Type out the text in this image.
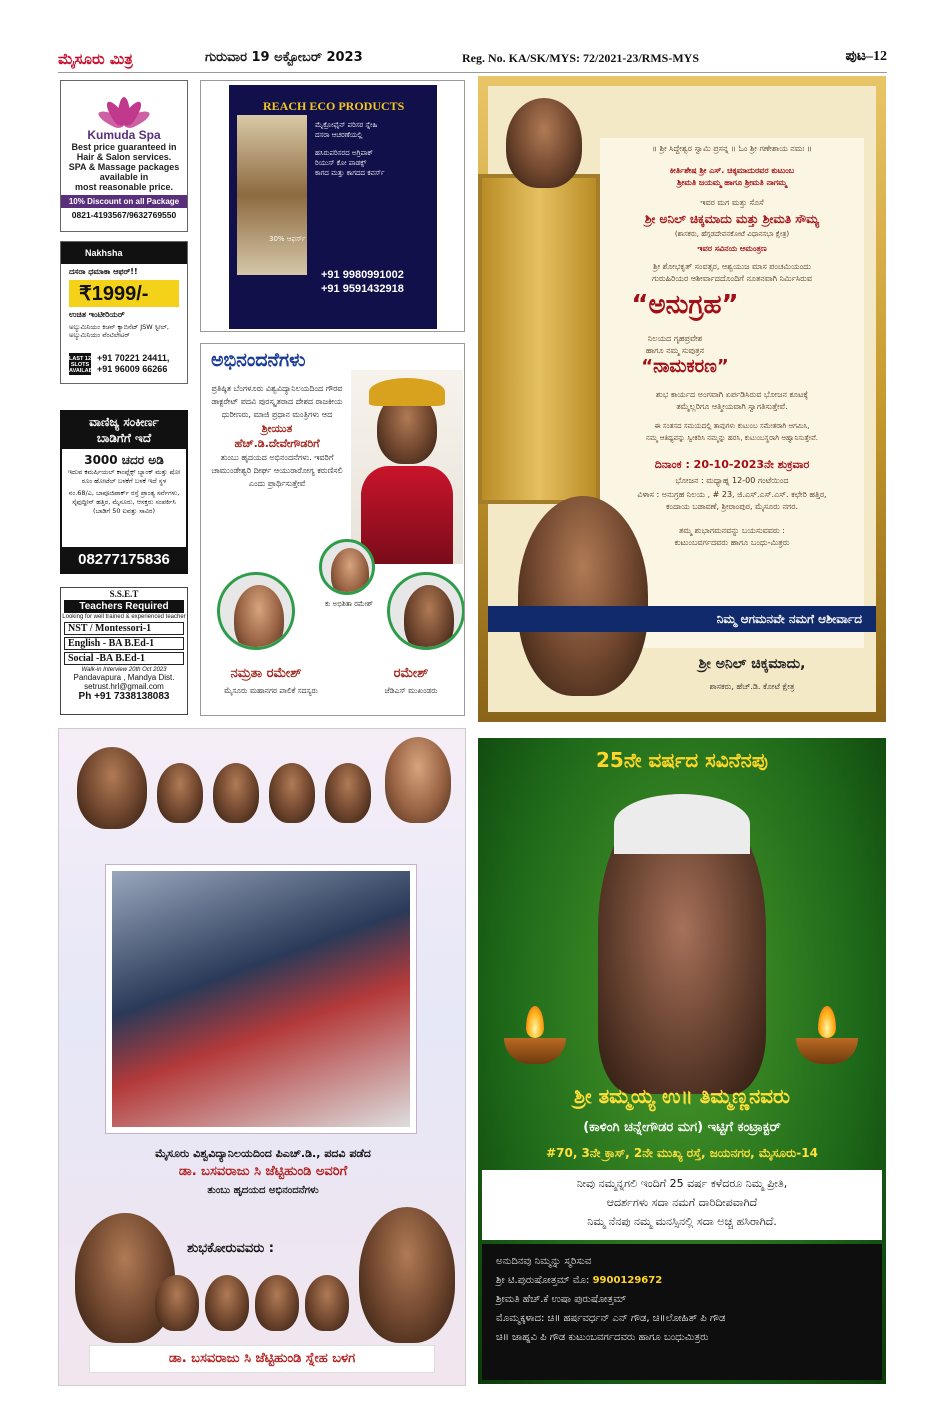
ಮೈಸೂರು ಮಿತ್ರ	ಗುರುವಾರ 19 ಅಕ್ಟೋಬರ್ 2023	Reg. No. KA/SK/MYS: 72/2021-23/RMS-MYS	ಪುಟ–12
Kumuda Spa
Best price guaranteed in
Hair & Salon services.
SPA & Massage packages
available in
most reasonable price.
10% Discount on all Package
0821-4193567/9632769550
REACH ECO PRODUCTS
ಮೈಕ್ರೋಫೈನ್ ಪರಿಸರ ಸ್ನೇಹಿ
ದಸರಾ ಆಚರಣೆಯಲ್ಲಿ
ಹಸಿರುಪರಿಸರದ ಅಗ್ರಿಪಾಕ್
ರಿಯುಸ್ ಕೋ ಪಾಡಕ್ಸ್
ಕಾಗದ ಮತ್ತು ಕಾಗದದ ಕವರ್ಸ್
30% ಆಫರ್ಸ್
+91 9980991002
+91 9591432918
Nakhsha
ದಸರಾ ಧಮಾಕಾ ಆಫರ್!!
₹1999/-
ಉಚಿತ ಇಂಟೀರಿಯರ್
ಅಲ್ಯುಮಿನಿಯಂ ಕಿಚನ್ ಕ್ಯಾಬಿನೆಟ್ JSW ಸ್ಟೀಲ್, ಅಲ್ಯುಮಿನಿಯಂ ವೆಂಟಿಲೇಟರ್
LAST 12 SLOTS AVAILABLE
+91 70221 24411,
+91 96009 66266
ವಾಣಿಜ್ಯ ಸಂಕೀರ್ಣ
ಬಾಡಿಗೆಗೆ ಇದೆ
3000 ಚದರ ಅಡಿ
ಇದುವ ಕಮರ್ಷಿಯಲ್ ಕಾಂಪ್ಲೆಕ್ಸ್ ಬ್ಯಾಂಕ್ ಮತ್ತು ಷೋ ರೂಂ ಹೋಟೆಲ್ ಬಳಕೆಗೆ ಬಳಕೆ ಇದೆ ಸ್ಥಳ
ನಂ.68/ಎ, ಬಾಪೂಜಿಪಾರ್ಕ್ ರಸ್ತೆ ಪ್ರಾಂತ್ಯ ಸರ್ವೆಗಳು, ಸೈಫುದ್ದೀನ್ ಹತ್ತಿರ, ಮೈಸೂರು, ಆಸಕ್ತರು ಸಂಪರ್ಕಿಸಿ (ಬಾಡಿಗೆ 50 ಐವತ್ತು ಸಾವಿರ)
08277175836
S.S.E.T
Teachers Required
Looking for well trained & experienced teacher
NST / Montessori-1
English - BA B.Ed-1
Social -BA B.Ed-1
Walk-in Interview 20th Oct 2023
Pandavapura , Mandya Dist.
setrust.hrl@gmail.com
Ph +91 7338138083
ಅಭಿನಂದನೆಗಳು
ಪ್ರತಿಷ್ಠಿತ ಬೆಂಗಳೂರು ವಿಶ್ವವಿದ್ಯಾನಿಲಯದಿಂದ ಗೌರವ ಡಾಕ್ಟರೇಟ್ ಪದವಿ ಪುರಸ್ಕೃತರಾದ ದೇಶದ ರಾಜಕೀಯ ಧುರೀಣರು, ಮಾಜಿ ಪ್ರಧಾನ ಮಂತ್ರಿಗಳು ಆದ
ಶ್ರೀಯುತ
ಹೆಚ್.ಡಿ.ದೇವೇಗೌಡರಿಗೆ
ತುಂಬು ಹೃದಯದ ಅಭಿನಂದನೆಗಳು. ಇವರಿಗೆ ಚಾಮುಂಡೇಶ್ವರಿ ದೀರ್ಘ ಆಯುರಾರೋಗ್ಯ ಕರುಣಿಸಲಿ ಎಂದು ಪ್ರಾರ್ಥಿಸುತ್ತೇವೆ
ಕು ಅಭಿಶಿತಾ ರಮೇಶ್
ನಮ್ರತಾ ರಮೇಶ್
ಮೈಸೂರು ಮಹಾನಗರ ಪಾಲಿಕೆ ಸದಸ್ಯರು
ರಮೇಶ್
ಜೆಡಿಎಸ್ ಮುಖಂಡರು
॥ ಶ್ರೀ ಸಿದ್ದೇಶ್ವರ ಸ್ವಾಮಿ ಪ್ರಸನ್ನ ॥ ಓಂ ಶ್ರೀ ಗಣೇಶಾಯ ನಮಃ ॥
ಕೀರ್ತಿಶೇಷ ಶ್ರೀ ಎಸ್. ಚಿಕ್ಕಮಾದುರವರ ಕುಟುಂಬ
ಶ್ರೀಮತಿ ಜಯಮ್ಮ ಹಾಗೂ ಶ್ರೀಮತಿ ನಾಗಮ್ಮ
ಇವರ ಮಗ ಮತ್ತು ಸೊಸೆ
ಶ್ರೀ ಅನಿಲ್ ಚಿಕ್ಕಮಾದು ಮತ್ತು ಶ್ರೀಮತಿ ಸೌಮ್ಯ
(ಶಾಸಕರು, ಹೆಗ್ಗಡದೇವನಕೋಟೆ ವಿಧಾನಸಭಾ ಕ್ಷೇತ್ರ)
ಇವರ ಸವಿನಯ ಆಮಂತ್ರಣ
ಶ್ರೀ ಶೋಭಕೃತ್ ಸಂವತ್ಸರ, ಆಶ್ವಯುಜ ಮಾಸ ಪಂಚಮಿಯಂದು
ಗುರುಹಿರಿಯರ ಆಶೀರ್ವಾದದೊಂದಿಗೆ ನೂತನವಾಗಿ ನಿರ್ಮಿಸಿರುವ
“ಅನುಗ್ರಹ”
ನಿಲಯದ ಗೃಹಪ್ರವೇಶ
ಹಾಗೂ ನಮ್ಮ ಸುಪುತ್ರನ
“ನಾಮಕರಣ”
ಶುಭ ಕಾರ್ಯದ ಅಂಗವಾಗಿ ಏರ್ಪಡಿಸಿರುವ ಭೋಜನ ಕೂಟಕ್ಕೆ
ತಮ್ಮೆಲ್ಲರಿಗೂ ಆತ್ಮೀಯವಾಗಿ ಸ್ವಾಗತಿಸುತ್ತೇವೆ.
ಈ ಸಂತಸದ ಸಮಯದಲ್ಲಿ ತಾವುಗಳು ಕುಟುಂಬ ಸಮೇತರಾಗಿ ಆಗಮಿಸಿ,
ನಮ್ಮ ಆತಿಥ್ಯವನ್ನು ಸ್ವೀಕರಿಸಿ ನಮ್ಮನ್ನು ಹರಸಿ, ಕುಟುಂಬಸ್ಥರಾಗಿ ಆಹ್ವಾನಿಸುತ್ತೇವೆ.
ದಿನಾಂಕ : 20-10-2023ನೇ ಶುಕ್ರವಾರ
ಭೋಜನ : ಮಧ್ಯಾಹ್ನ 12-00 ಗಂಟೆಯಿಂದ
ವಿಳಾಸ : ಅನುಗ್ರಹ ನಿಲಯ , # 23, ಜಿ.ಎಸ್.ಎಸ್.ಎಸ್. ಕಛೇರಿ ಹತ್ತಿರ,
ಕಂದಾಯ ಬಡಾವಣೆ, ಶ್ರೀರಾಂಪುರ, ಮೈಸೂರು ನಗರ.
ತಮ್ಮ ಶುಭಾಗಮನವನ್ನು ಬಯಸುವವರು :
ಕುಟುಂಬವರ್ಗದವರು ಹಾಗೂ ಬಂಧು-ಮಿತ್ರರು
ನಿಮ್ಮ ಆಗಮನವೇ ನಮಗೆ ಆಶೀರ್ವಾದ
ಶ್ರೀ ಅನಿಲ್ ಚಿಕ್ಕಮಾದು,
ಶಾಸಕರು, ಹೆಚ್.ಡಿ. ಕೋಟೆ ಕ್ಷೇತ್ರ
ಮೈಸೂರು ವಿಶ್ವವಿದ್ಯಾನಿಲಯದಿಂದ ಪಿಎಚ್.ಡಿ., ಪದವಿ ಪಡೆದ
ಡಾ. ಬಸವರಾಜು ಸಿ ಜೆಟ್ಟಿಹುಂಡಿ ಅವರಿಗೆ
ತುಂಬು ಹೃದಯದ ಅಭಿನಂದನೆಗಳು
ಶುಭಕೋರುವವರು :
ಡಾ. ಬಸವರಾಜು ಸಿ ಜೆಟ್ಟಿಹುಂಡಿ ಸ್ನೇಹ ಬಳಗ
25ನೇ ವರ್ಷದ ಸವಿನೆನಪು
ಶ್ರೀ ತಮ್ಮಯ್ಯ ಉ॥ ತಿಮ್ಮಣ್ಣನವರು
(ಕಾಳಿಂಗಿ ಚನ್ನೇಗೌಡರ ಮಗ) ಇಟ್ಟಿಗೆ ಕಂಟ್ರಾಕ್ಟರ್
#70, 3ನೇ ಕ್ರಾಸ್, 2ನೇ ಮುಖ್ಯ ರಸ್ತೆ, ಜಯನಗರ, ಮೈಸೂರು-14
ನೀವು ನಮ್ಮನ್ನಗಲಿ ಇಂದಿಗೆ 25 ವರ್ಷ ಕಳೆದರೂ ನಿಮ್ಮ ಪ್ರೀತಿ,
ಆದರ್ಶಗಳು ಸದಾ ನಮಗೆ ದಾರಿದೀಪವಾಗಿದೆ
ನಿಮ್ಮ ನೆನಪು ನಮ್ಮ ಮನಸ್ಸಿನಲ್ಲಿ ಸದಾ ಅಚ್ಚ ಹಸಿರಾಗಿದೆ.
ಅನುದಿನವು ನಿಮ್ಮನ್ನು ಸ್ಮರಿಸುವ
ಶ್ರೀ ಟಿ.ಪುರುಷೋತ್ತಮ್ ಮೊ: 9900129672
ಶ್ರೀಮತಿ ಹೆಚ್.ಕೆ ಉಷಾ ಪುರುಷೋತ್ತಮ್
ಮೊಮ್ಮಕ್ಕಳಾದ: ಚಿ॥ ಹರ್ಷವರ್ಧನ್ ಎನ್ ಗೌಡ, ಚಿ॥ಲೋಹಿತ್ ಪಿ ಗೌಡ
ಚಿ॥ ಜಾಹ್ನವಿ ಪಿ ಗೌಡ ಕುಟುಂಬವರ್ಗದವರು ಹಾಗೂ ಬಂಧುಮಿತ್ರರು
